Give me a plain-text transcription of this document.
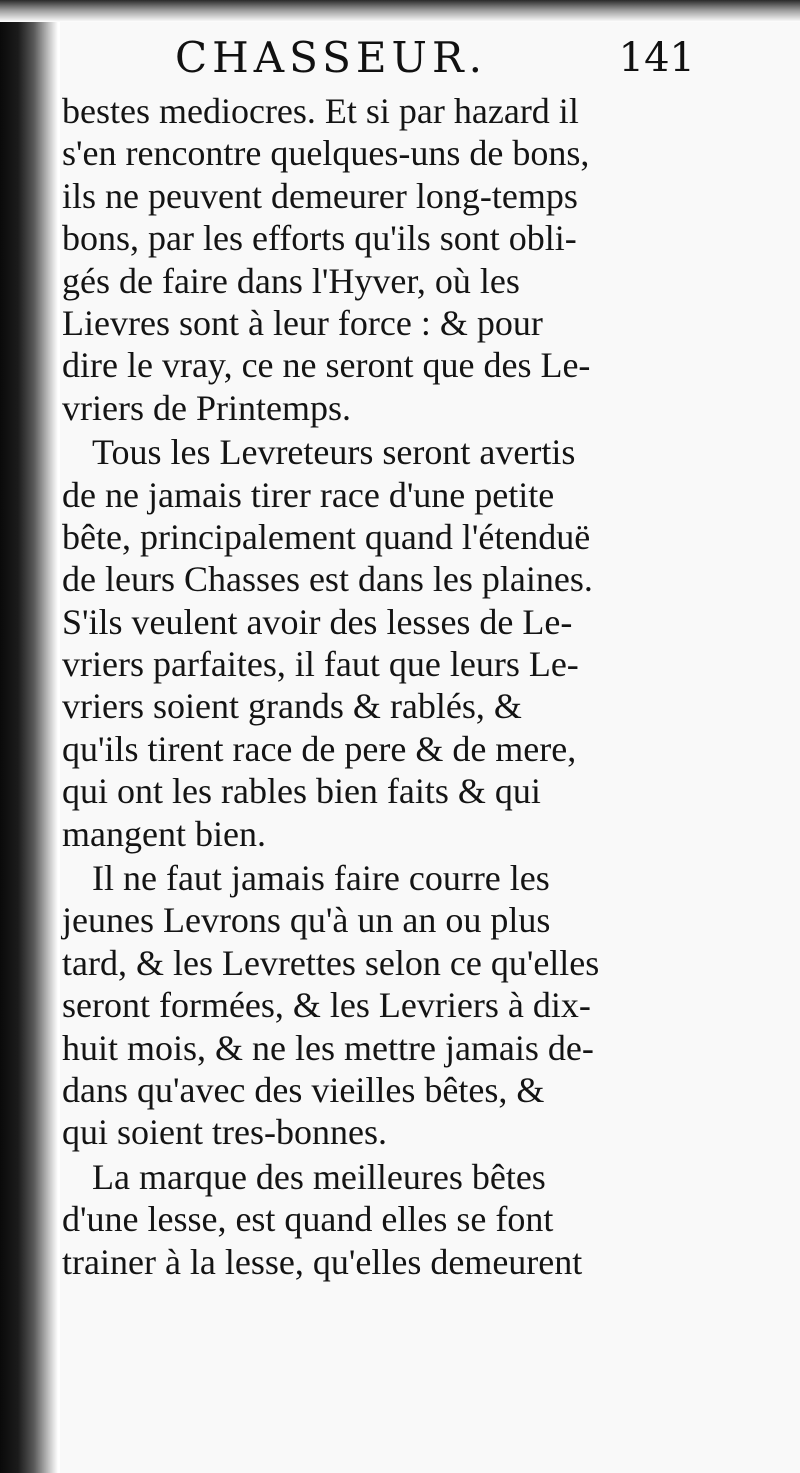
CHASSEUR.	141
bestes mediocres. Et si par hazard il
s'en rencontre quelques-uns de bons,
ils ne peuvent demeurer long-temps
bons, par les efforts qu'ils sont obli-
gés de faire dans l'Hyver, où les
Lievres sont à leur force : & pour
dire le vray, ce ne seront que des Le-
vriers de Printemps.
Tous les Levreteurs seront avertis
de ne jamais tirer race d'une petite
bête, principalement quand l'étenduë
de leurs Chasses est dans les plaines.
S'ils veulent avoir des lesses de Le-
vriers parfaites, il faut que leurs Le-
vriers soient grands & rablés, &
qu'ils tirent race de pere & de mere,
qui ont les rables bien faits & qui
mangent bien.
Il ne faut jamais faire courre les
jeunes Levrons qu'à un an ou plus
tard, & les Levrettes selon ce qu'elles
seront formées, & les Levriers à dix-
huit mois, & ne les mettre jamais de-
dans qu'avec des vieilles bêtes, &
qui soient tres-bonnes.
La marque des meilleures bêtes
d'une lesse, est quand elles se font
trainer à la lesse, qu'elles demeurent
